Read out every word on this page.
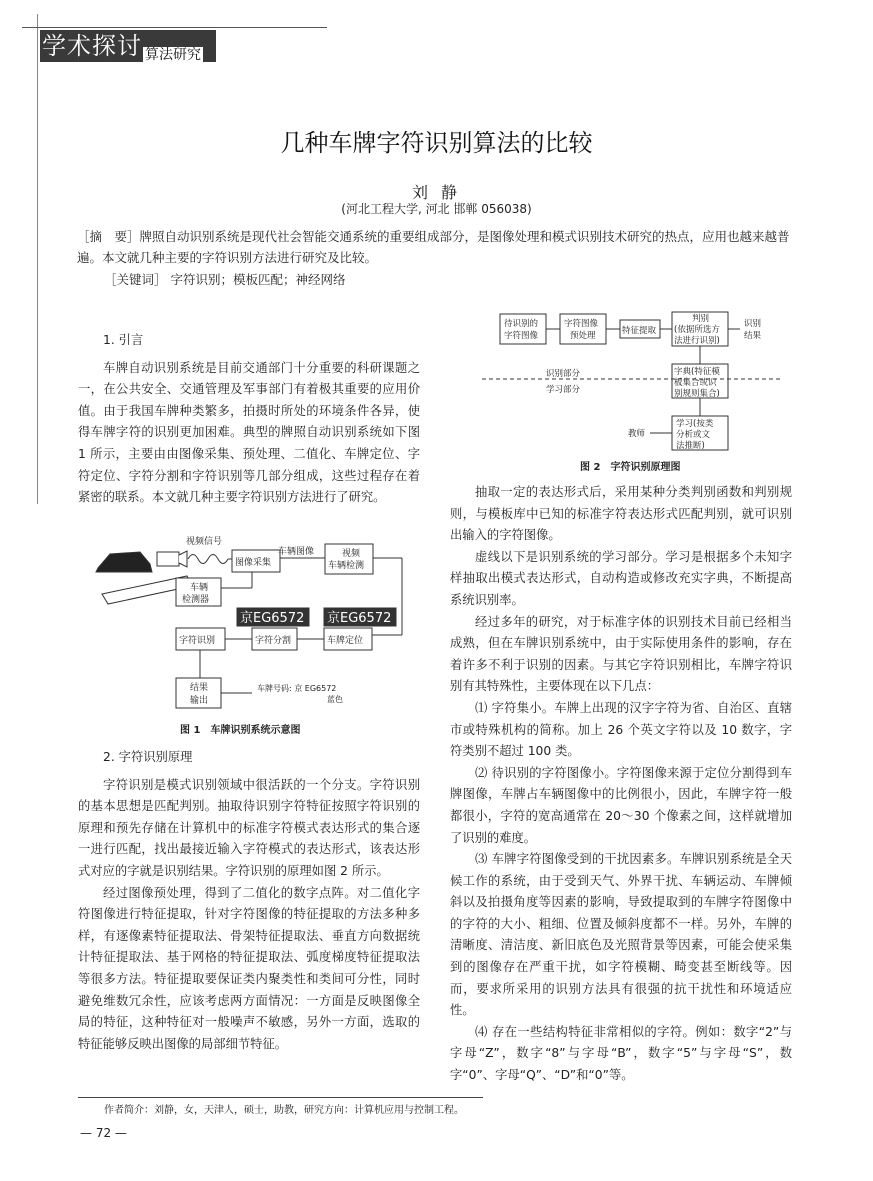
学术探讨 算法研究
几种车牌字符识别算法的比较
刘 静
(河北工程大学, 河北 邯郸 056038)
［摘　要］牌照自动识别系统是现代社会智能交通系统的重要组成部分，是图像处理和模式识别技术研究的热点，应用也越来越普遍。本文就几种主要的字符识别方法进行研究及比较。
［关键词］ 字符识别；模板匹配；神经网络
1. 引言

车牌自动识别系统是目前交通部门十分重要的科研课题之一，在公共安全、交通管理及军事部门有着极其重要的应用价值。由于我国车牌种类繁多，拍摄时所处的环境条件各异，使得车牌字符的识别更加困难。典型的牌照自动识别系统如下图 1 所示，主要由由图像采集、预处理、二值化、车牌定位、字符定位、字符分割和字符识别等几部分组成，这些过程存在着紧密的联系。本文就几种主要字符识别方法进行了研究。

视频信号
图像采集
车辆图像	视频
车辆检测
车辆
检测器
京EG6572 京EG6572
字符识别	字符分割	车牌定位
结果
输出
车牌号码: 京 EG6572
蓝色
图 1　车牌识别系统示意图
2. 字符识别原理

字符识别是模式识别领域中很活跃的一个分支。字符识别的基本思想是匹配判别。抽取待识别字符特征按照字符识别的原理和预先存储在计算机中的标准字符模式表达形式的集合逐一进行匹配，找出最接近输入字符模式的表达形式，该表达形式对应的字就是识别结果。字符识别的原理如图 2 所示。

经过图像预处理，得到了二值化的数字点阵。对二值化字符图像进行特征提取，针对字符图像的特征提取的方法多种多样，有逐像素特征提取法、骨架特征提取法、垂直方向数据统计特征提取法、基于网格的特征提取法、弧度梯度特征提取法等很多方法。特征提取要保证类内聚类性和类间可分性，同时避免维数冗余性，应该考虑两方面情况：一方面是反映图像全局的特征，这种特征对一般噪声不敏感，另外一方面，选取的特征能够反映出图像的局部细节特征。

待识别的
字符图像
字符图像
预处理	特征提取
判别
(依据所选方
法进行识别)
识别
结果
识别部分
学习部分
字典(特征模
板集合或识
别规则集合)
教师
学习(按类
分析或文
法推断)
图 2　字符识别原理图

抽取一定的表达形式后，采用某种分类判别函数和判别规则，与模板库中已知的标准字符表达形式匹配判别，就可识别出输入的字符图像。

虚线以下是识别系统的学习部分。学习是根据多个未知字样抽取出模式表达形式，自动构造或修改充实字典，不断提高系统识别率。

经过多年的研究，对于标准字体的识别技术目前已经相当成熟，但在车牌识别系统中，由于实际使用条件的影响，存在着许多不利于识别的因素。与其它字符识别相比，车牌字符识别有其特殊性，主要体现在以下几点：

⑴ 字符集小。车牌上出现的汉字字符为省、自治区、直辖市或特殊机构的简称。加上 26 个英文字符以及 10 数字，字符类别不超过 100 类。

⑵ 待识别的字符图像小。字符图像来源于定位分割得到车牌图像，车牌占车辆图像中的比例很小，因此，车牌字符一般都很小，字符的宽高通常在 20～30 个像素之间，这样就增加了识别的难度。

⑶ 车牌字符图像受到的干扰因素多。车牌识别系统是全天候工作的系统，由于受到天气、外界干扰、车辆运动、车牌倾斜以及拍摄角度等因素的影响，导致提取到的车牌字符图像中的字符的大小、粗细、位置及倾斜度都不一样。另外，车牌的清晰度、清洁度、新旧底色及光照背景等因素，可能会使采集到的图像存在严重干扰，如字符模糊、畸变甚至断线等。因而，要求所采用的识别方法具有很强的抗干扰性和环境适应性。

⑷ 存在一些结构特征非常相似的字符。例如：数字“2”与字母“Z”，数字“8”与字母“B”，数字“5”与字母“S”，数字“0”、字母“Q”、“D”和“0”等。

作者简介：刘静，女，天津人，硕士，助教，研究方向：计算机应用与控制工程。
— 72 —
